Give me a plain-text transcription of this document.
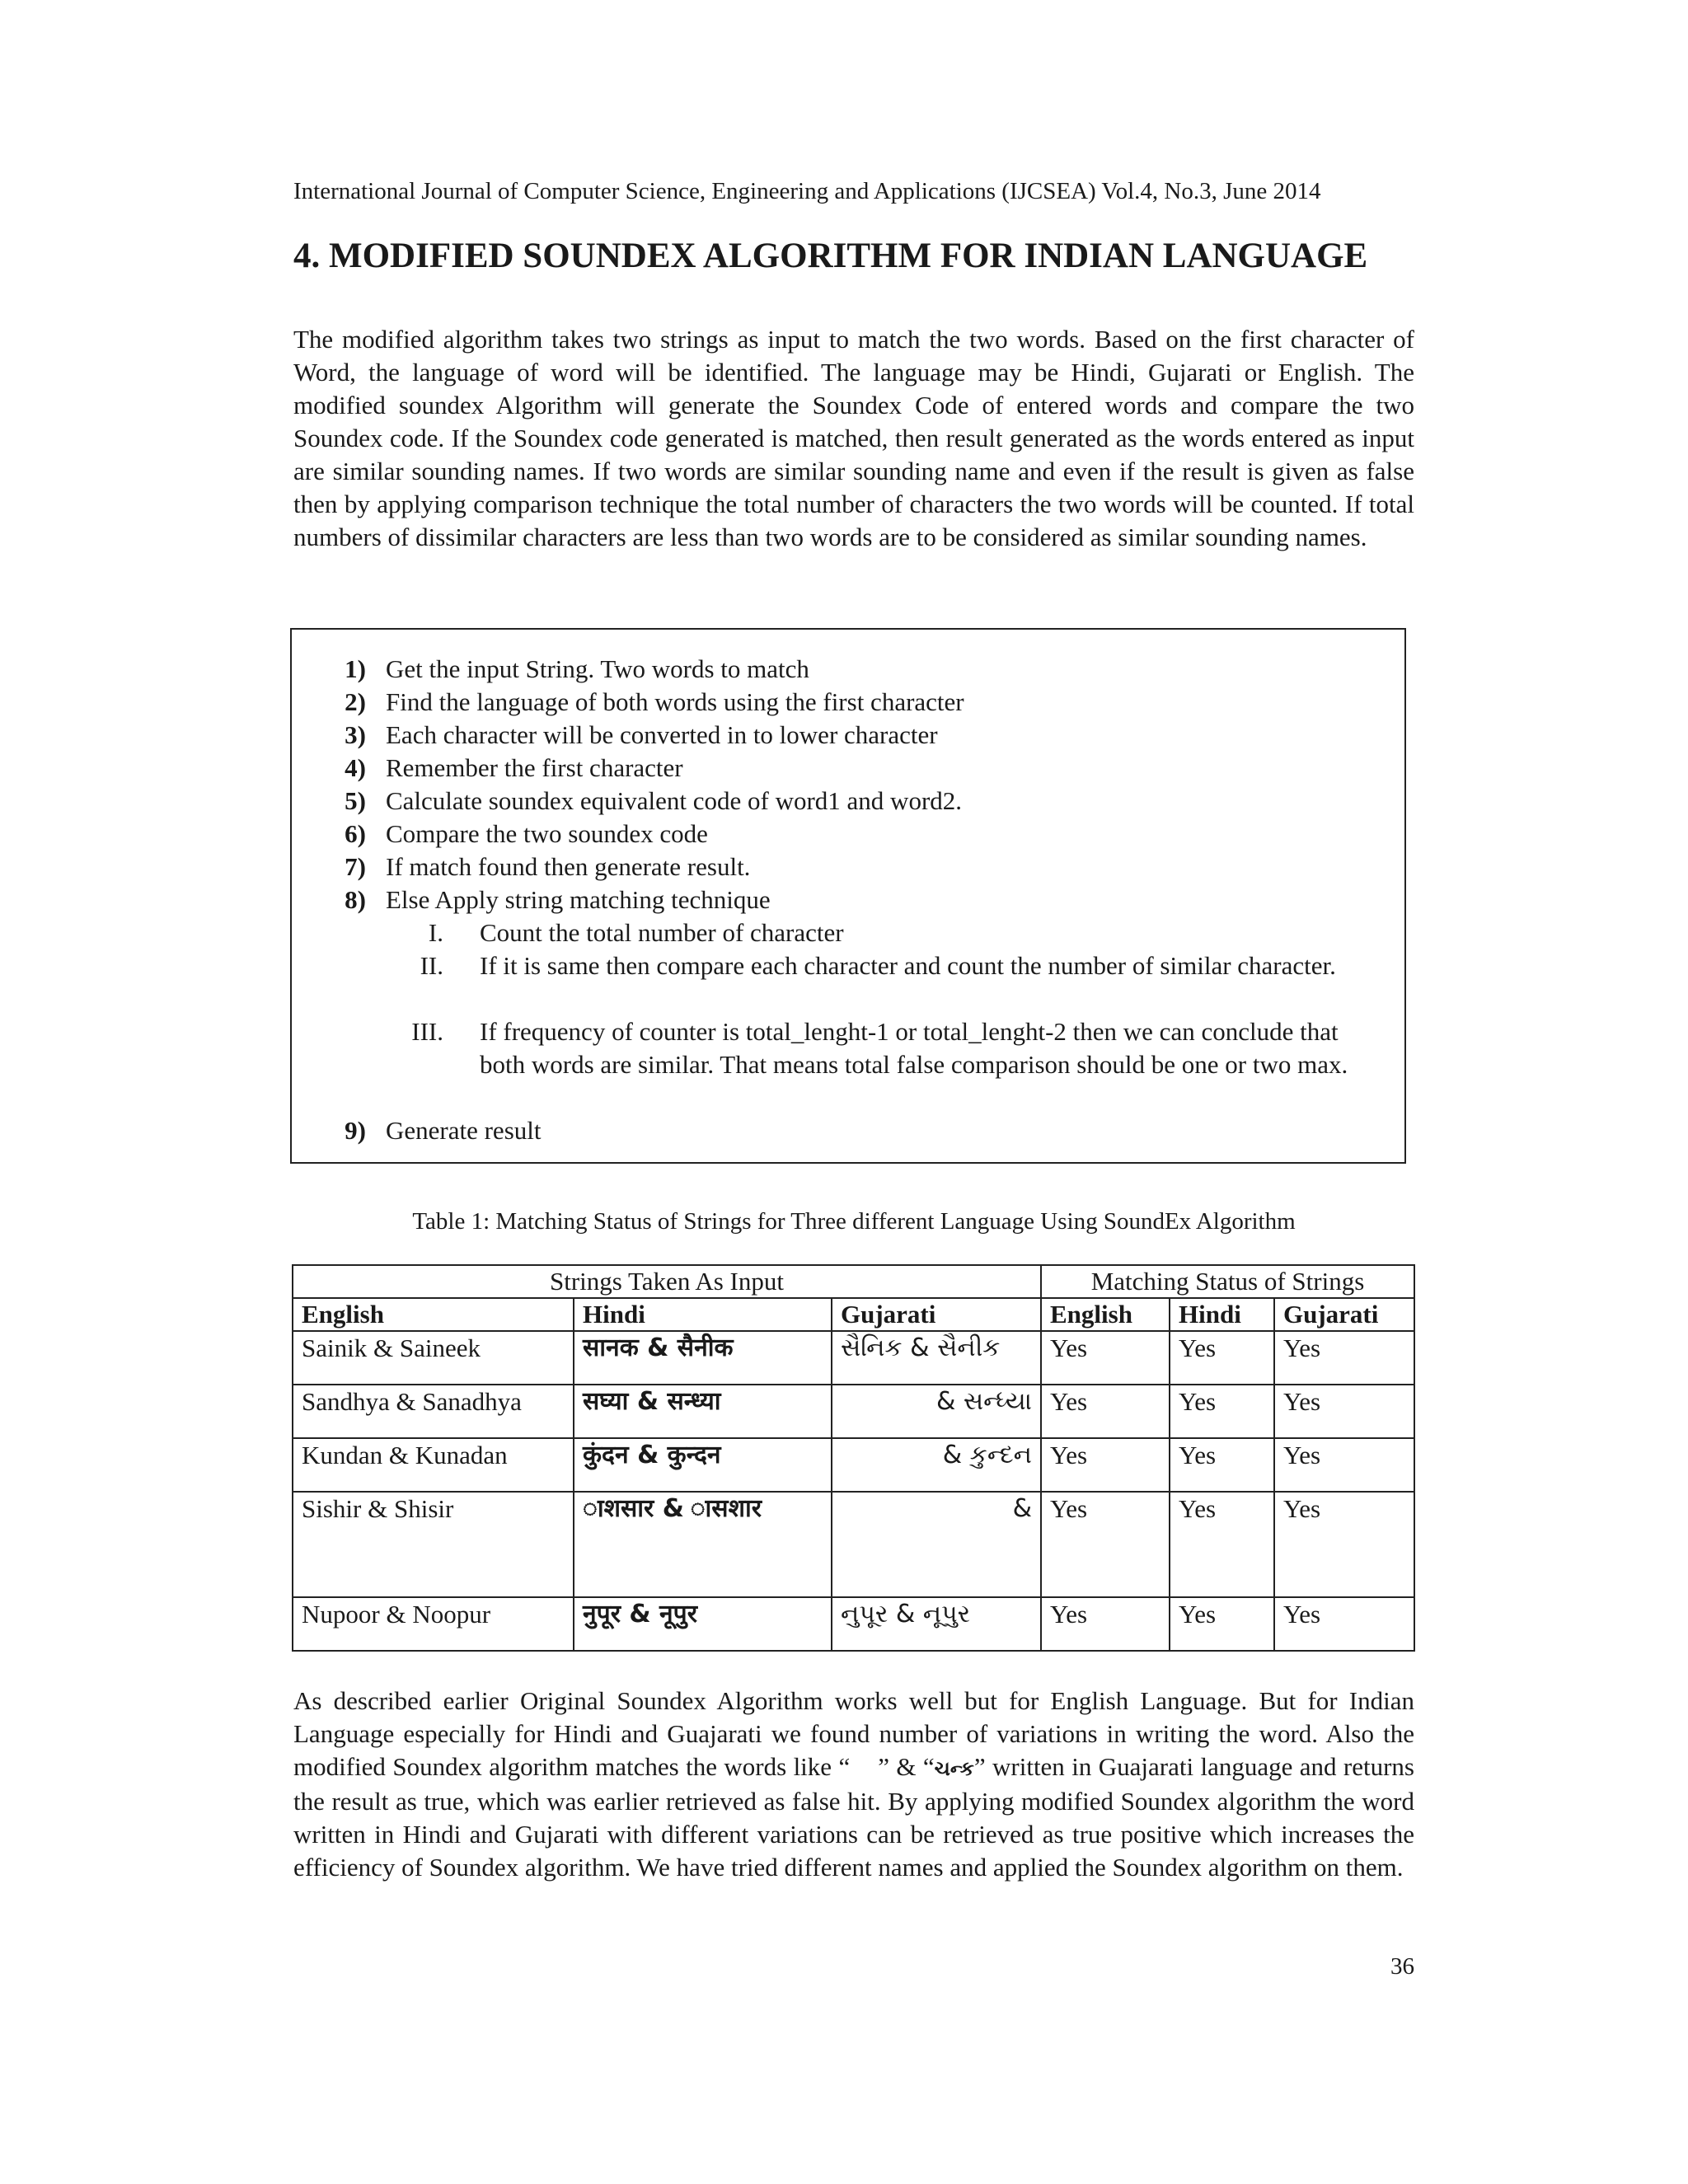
International Journal of Computer Science, Engineering and Applications (IJCSEA) Vol.4, No.3, June 2014
4. MODIFIED SOUNDEX ALGORITHM FOR INDIAN LANGUAGE

The modified algorithm takes two strings as input to match the two words. Based on the first character of Word, the language of word will be identified. The language may be Hindi, Gujarati or English. The modified soundex Algorithm will generate the Soundex Code of entered words and compare the two Soundex code. If the Soundex code generated is matched, then result generated as the words entered as input are similar sounding names. If two words are similar sounding name and even if the result is given as false then by applying comparison technique the total number of characters the two words will be counted. If total numbers of dissimilar characters are less than two words are to be considered as similar sounding names.

1) Get the input String. Two words to match
2) Find the language of both words using the first character
3) Each character will be converted in to lower character
4) Remember the first character
5) Calculate soundex equivalent code of word1 and word2.
6) Compare the two soundex code
7) If match found then generate result.
8) Else Apply string matching technique
I. Count the total number of character
II. If it is same then compare each character and count the number of similar character.
III. If frequency of counter is total_lenght-1 or total_lenght-2 then we can conclude that both words are similar. That means total false comparison should be one or two max.
9) Generate result
Table 1: Matching Status of Strings for Three different Language Using SoundEx Algorithm
Strings Taken As Input			Matching Status of Strings		
English	Hindi	Gujarati	English	Hindi	Gujarati
Sainik & Saineek	सानक & सैनीक	સૈનિક & સૈનીક	Yes	Yes	Yes
Sandhya & Sanadhya	सघ्या & सन्ध्या	& સન્ધ્યા	Yes	Yes	Yes
Kundan & Kunadan	कुंदन & कुन्दन	& કુન્દન	Yes	Yes	Yes
Sishir & Shisir	ाशसार & ासशार	&	Yes	Yes	Yes
Nupoor & Noopur	नुपूर & नूपुर	નુપૂર & નૂપુર	Yes	Yes	Yes

As described earlier Original Soundex Algorithm works well but for English Language. But for Indian Language especially for Hindi and Guajarati we found number of variations in writing the word. Also the modified Soundex algorithm matches the words like “ ” & “ચન્ક” written in Guajarati language and returns the result as true, which was earlier retrieved as false hit. By applying modified Soundex algorithm the word written in Hindi and Gujarati with different variations can be retrieved as true positive which increases the efficiency of Soundex algorithm. We have tried different names and applied the Soundex algorithm on them.

36
